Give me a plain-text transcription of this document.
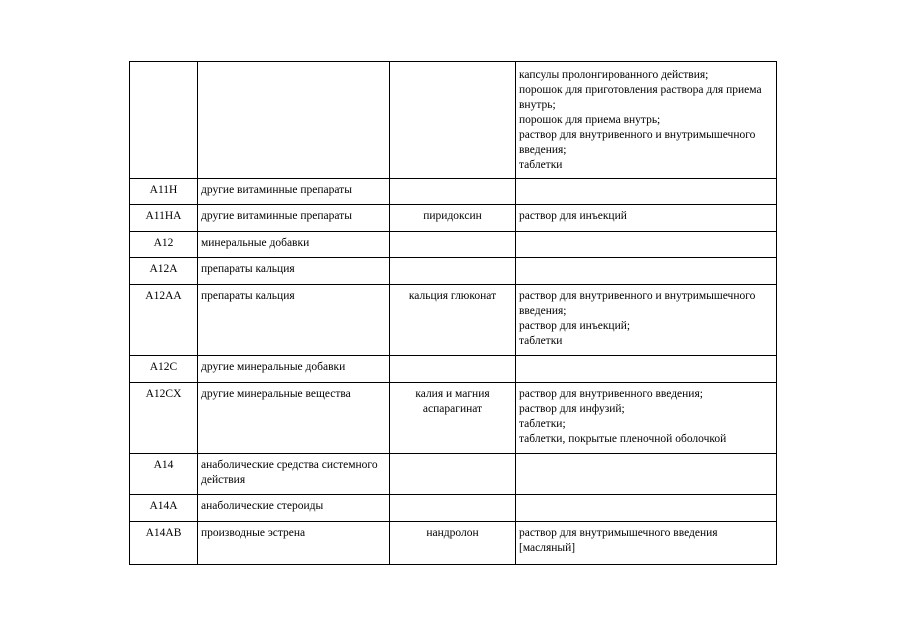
			капсулы пролонгированного действия;
порошок для приготовления раствора для приема внутрь;
порошок для приема внутрь;
раствор для внутривенного и внутримышечного введения;
таблетки
A11H	другие витаминные препараты		
A11HA	другие витаминные препараты	пиридоксин	раствор для инъекций
A12	минеральные добавки		
A12A	препараты кальция		
A12AA	препараты кальция	кальция глюконат	раствор для внутривенного и внутримышечного введения;
раствор для инъекций;
таблетки
A12C	другие минеральные добавки		
A12CX	другие минеральные вещества	калия и магния аспарагинат	раствор для внутривенного введения;
раствор для инфузий;
таблетки;
таблетки, покрытые пленочной оболочкой
A14	анаболические средства системного действия		
A14A	анаболические стероиды		
A14AB	производные эстрена	нандролон	раствор для внутримышечного введения [масляный]
